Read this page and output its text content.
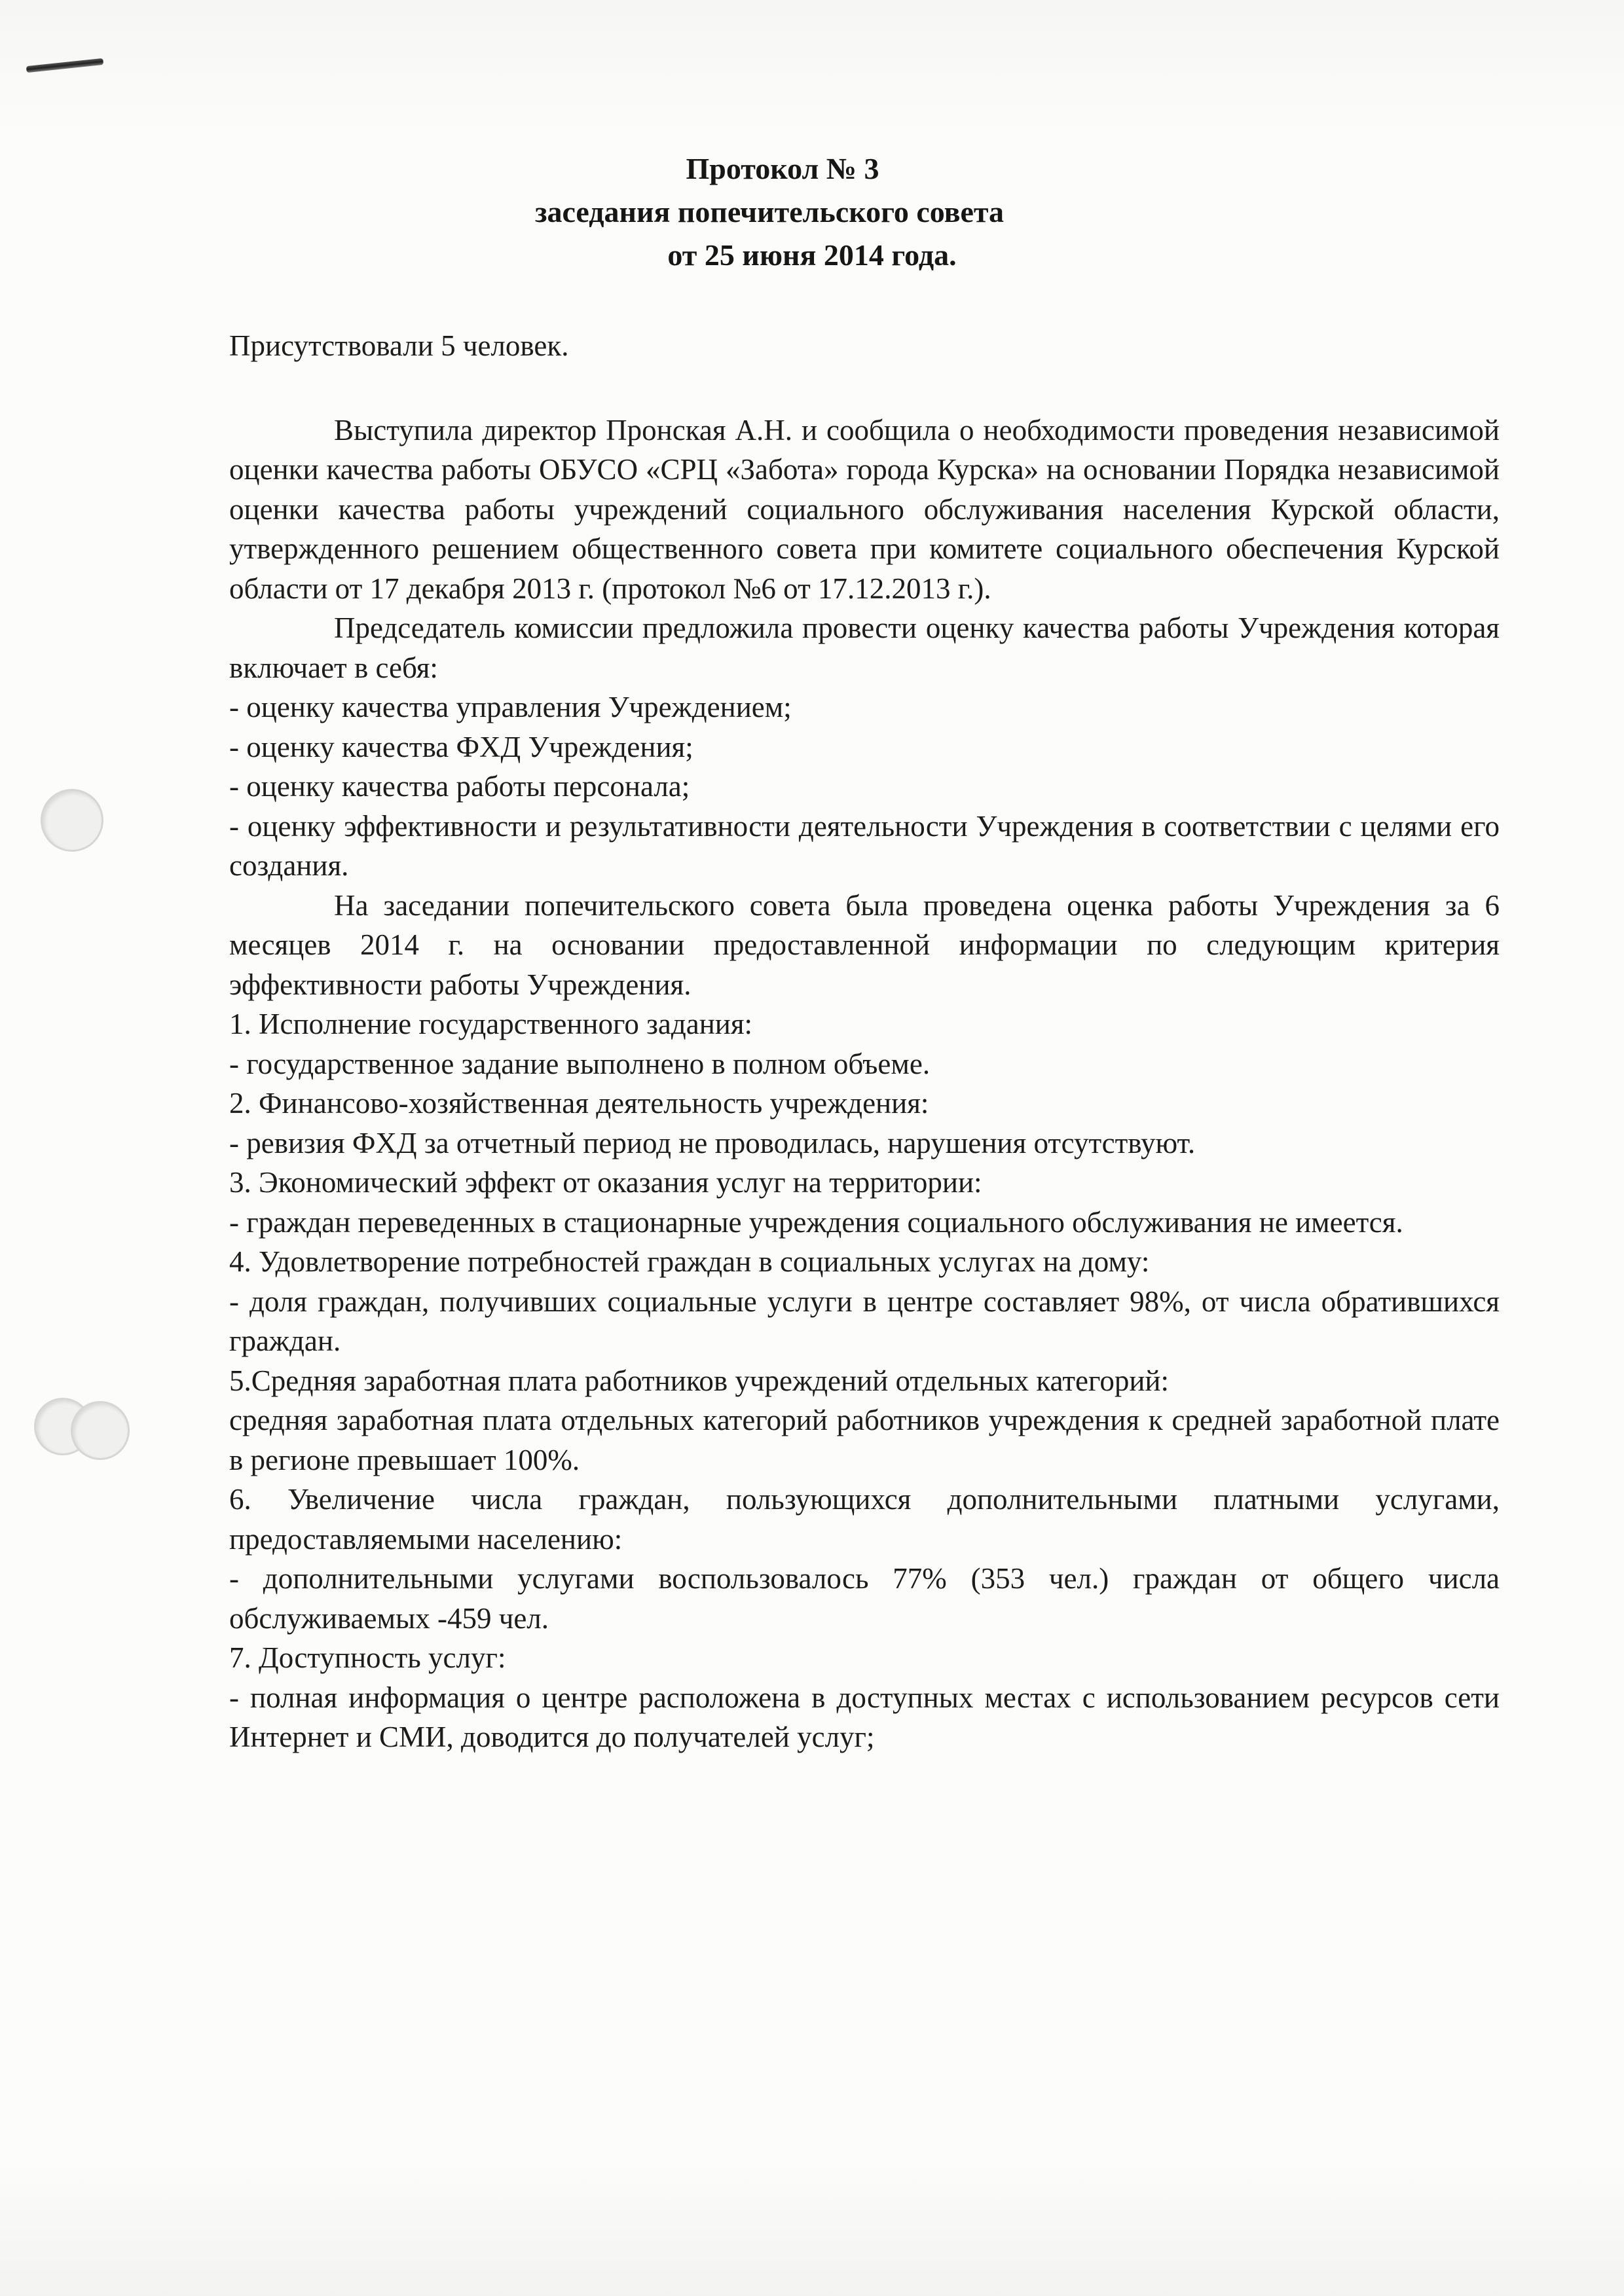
Протокол № 3
заседания попечительского совета
от 25 июня 2014 года.

Присутствовали 5 человек.

Выступила директор Пронская А.Н. и сообщила о необходимости проведения независимой оценки качества работы ОБУСО «СРЦ «Забота» города Курска» на основании Порядка независимой оценки качества работы учреждений социального обслуживания населения Курской области, утвержденного решением общественного совета при комитете социального обеспечения Курской области от 17 декабря 2013 г. (протокол №6 от 17.12.2013 г.).

Председатель комиссии предложила провести оценку качества работы Учреждения которая включает в себя:

- оценку качества управления Учреждением;

- оценку качества ФХД Учреждения;

- оценку качества работы персонала;

- оценку эффективности и результативности деятельности Учреждения в соответствии с целями его создания.

На заседании попечительского совета была проведена оценка работы Учреждения за 6 месяцев 2014 г. на основании предоставленной информации по следующим критерия эффективности работы Учреждения.

1. Исполнение государственного задания:

- государственное задание выполнено в полном объеме.

2. Финансово-хозяйственная деятельность учреждения:

- ревизия ФХД за отчетный период не проводилась, нарушения отсутствуют.

3. Экономический эффект от оказания услуг на территории:

- граждан переведенных в стационарные учреждения социального обслуживания не имеется.

4. Удовлетворение потребностей граждан в социальных услугах на дому:

- доля граждан, получивших социальные услуги в центре составляет 98%, от числа обратившихся граждан.

5.Средняя заработная плата работников учреждений отдельных категорий:

средняя заработная плата отдельных категорий работников учреждения к средней заработной плате в регионе превышает 100%.

6. Увеличение числа граждан, пользующихся дополнительными платными услугами, предоставляемыми населению:

- дополнительными услугами воспользовалось 77% (353 чел.) граждан от общего числа обслуживаемых -459 чел.

7. Доступность услуг:

- полная информация о центре расположена в доступных местах с использованием ресурсов сети Интернет и СМИ, доводится до получателей услуг;
